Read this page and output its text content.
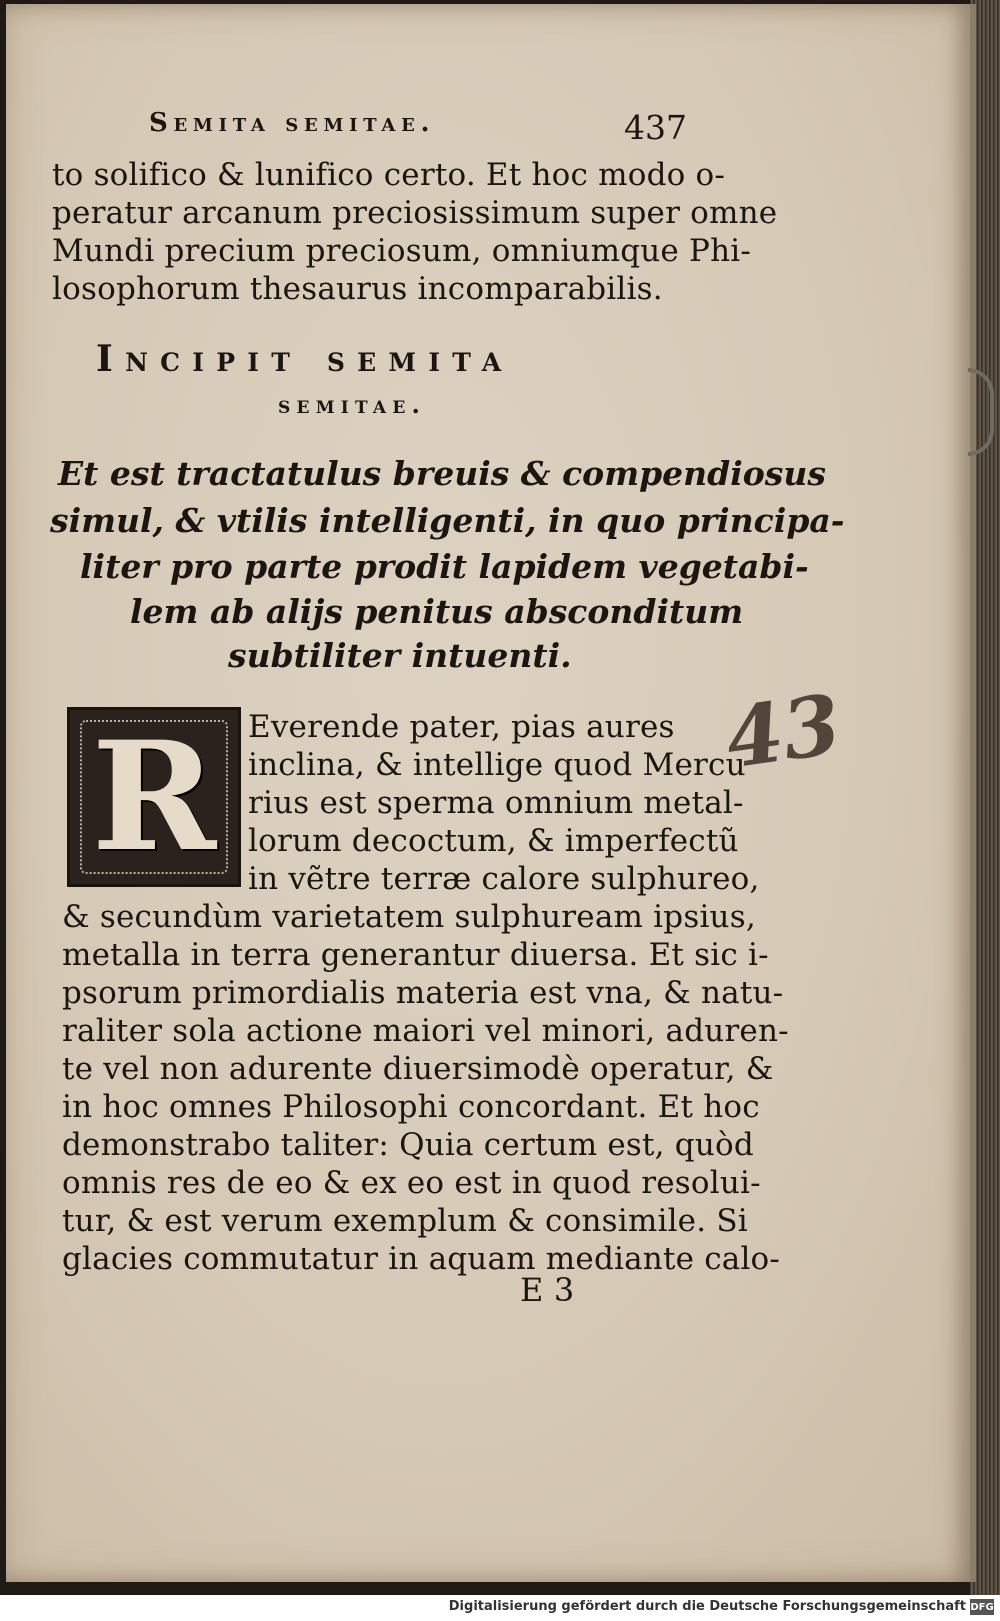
Semita semitae.	437
to solifico & lunifico certo. Et hoc modo o-
peratur arcanum preciosissimum super omne
Mundi precium preciosum, omniumque Phi-
losophorum thesaurus incomparabilis.
Incipit semita
semitae.
Et est tractatulus breuis & compendiosus
simul, & vtilis intelligenti, in quo principa-
liter pro parte prodit lapidem vegetabi-
lem ab alijs penitus absconditum
subtiliter intuenti.
R Everende pater, pias aures
inclina, & intellige quod Mercu
rius est sperma omnium metal-
lorum decoctum, & imperfectũ
in vẽtre terræ calore sulphureo,
& secundùm varietatem sulphuream ipsius,
metalla in terra generantur diuersa. Et sic i-
psorum primordialis materia est vna, & natu-
raliter sola actione maiori vel minori, aduren-
te vel non adurente diuersimodè operatur, &
in hoc omnes Philosophi concordant. Et hoc
demonstrabo taliter: Quia certum est, quòd
omnis res de eo & ex eo est in quod resolui-
tur, & est verum exemplum & consimile. Si
glacies commutatur in aquam mediante calo-
E 3
43
Digitalisierung gefördert durch die Deutsche Forschungsgemeinschaft DFG
